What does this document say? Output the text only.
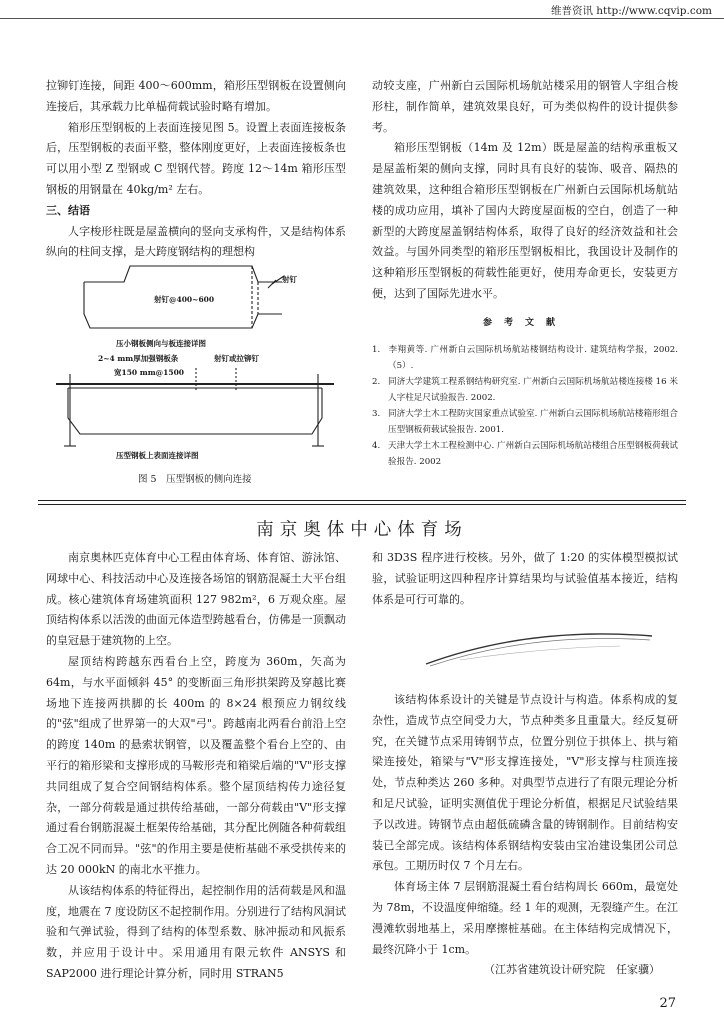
维普资讯 http://www.cqvip.com

拉铆钉连接，间距 400～600mm，箱形压型钢板在设置侧向连接后，其承载力比单榀荷载试验时略有增加。

箱形压型钢板的上表面连接见图 5。设置上表面连接板条后，压型钢板的表面平整，整体刚度更好，上表面连接板条也可以用小型 Z 型钢或 C 型钢代替。跨度 12～14m 箱形压型钢板的用钢量在 40kg/m² 左右。

三、结语

人字梭形柱既是屋盖横向的竖向支承构件，又是结构体系纵向的柱间支撑，是大跨度钢结构的理想构

射钉
射钉@400~600
压小钢板侧向与板连接详图
2~4 mm厚加强钢板条	射钉或拉铆钉
宽150 mm@1500
压型钢板上表面连接详图
图 5　压型钢板的侧向连接

动较支座，广州新白云国际机场航站楼采用的钢管人字组合梭形柱，制作简单，建筑效果良好，可为类似构件的设计提供参考。

箱形压型钢板（14m 及 12m）既是屋盖的结构承重板又是屋盖桁架的侧向支撑，同时具有良好的装饰、吸音、隔热的建筑效果，这种组合箱形压型钢板在广州新白云国际机场航站楼的成功应用，填补了国内大跨度屋面板的空白，创造了一种新型的大跨度屋盖钢结构体系，取得了良好的经济效益和社会效益。与国外同类型的箱形压型钢板相比，我国设计及制作的这种箱形压型钢板的荷载性能更好，使用寿命更长，安装更方便，达到了国际先进水平。

参考文献

1. 李翔黄等. 广州新白云国际机场航站楼钢结构设计. 建筑结构学报，2002.（5）.

2. 同济大学建筑工程系钢结构研究室. 广州新白云国际机场航站楼连接楼 16 米人字柱足尺试验报告. 2002.

3. 同济大学土木工程防灾国家重点试验室. 广州新白云国际机场航站楼箱形组合压型钢板荷载试验报告. 2001.

4. 天津大学土木工程检测中心. 广州新白云国际机场航站楼组合压型钢板荷载试验报告. 2002

南京奥体中心体育场

南京奥林匹克体育中心工程由体育场、体育馆、游泳馆、网球中心、科技活动中心及连接各场馆的钢筋混凝土大平台组成。核心建筑体育场建筑面积 127 982m²，6 万观众座。屋顶结构体系以活泼的曲面元体造型跨越看台，仿佛是一顶飘动的皇冠悬于建筑物的上空。

屋顶结构跨越东西看台上空，跨度为 360m，矢高为 64m，与水平面倾斜 45° 的变断面三角形拱架跨及穿越比赛场地下连接两拱脚的长 400m 的 8×24 根预应力钢纹线的"弦"组成了世界第一的大双"弓"。跨越南北两看台前沿上空的跨度 140m 的悬索状钢管，以及覆盖整个看台上空的、由平行的箱形梁和支撑形成的马鞍形壳和箱梁后端的"V"形支撑共同组成了复合空间钢结构体系。整个屋顶结构传力途径复杂，一部分荷载是通过拱传给基础，一部分荷载由"V"形支撑通过看台钢筋混凝土框架传给基础，其分配比例随各种荷载组合工况不同而异。"弦"的作用主要是使桁基础不承受拱传来的达 20 000kN 的南北水平推力。

从该结构体系的特征得出，起控制作用的活荷载是风和温度，地震在 7 度设防区不起控制作用。分别进行了结构风洞试验和气弹试验，得到了结构的体型系数、脉冲振动和风振系数，并应用于设计中。采用通用有限元软件 ANSYS 和 SAP2000 进行理论计算分析，同时用 STRAN5

和 3D3S 程序进行校核。另外，做了 1:20 的实体模型模拟试验，试验证明这四种程序计算结果均与试验值基本接近，结构体系是可行可靠的。

该结构体系设计的关键是节点设计与构造。体系构成的复杂性，造成节点空间受力大，节点种类多且重量大。经反复研究，在关键节点采用铸钢节点，位置分别位于拱体上、拱与箱梁连接处，箱梁与"V"形支撑连接处，"V"形支撑与柱顶连接处，节点种类达 260 多种。对典型节点进行了有限元理论分析和足尺试验，证明实测值优于理论分析值，根据足尺试验结果予以改进。铸钢节点由超低硫磷含量的铸钢制作。目前结构安装已全部完成。该结构体系钢结构安装由宝冶建设集团公司总承包。工期历时仅 7 个月左右。

体育场主体 7 层钢筋混凝土看台结构周长 660m，最宽处为 78m，不设温度伸缩缝。经 1 年的观测，无裂缝产生。在江漫滩软弱地基上，采用摩擦桩基础。在主体结构完成情况下，最终沉降小于 1cm。

（江苏省建筑设计研究院　任家骥）

27
